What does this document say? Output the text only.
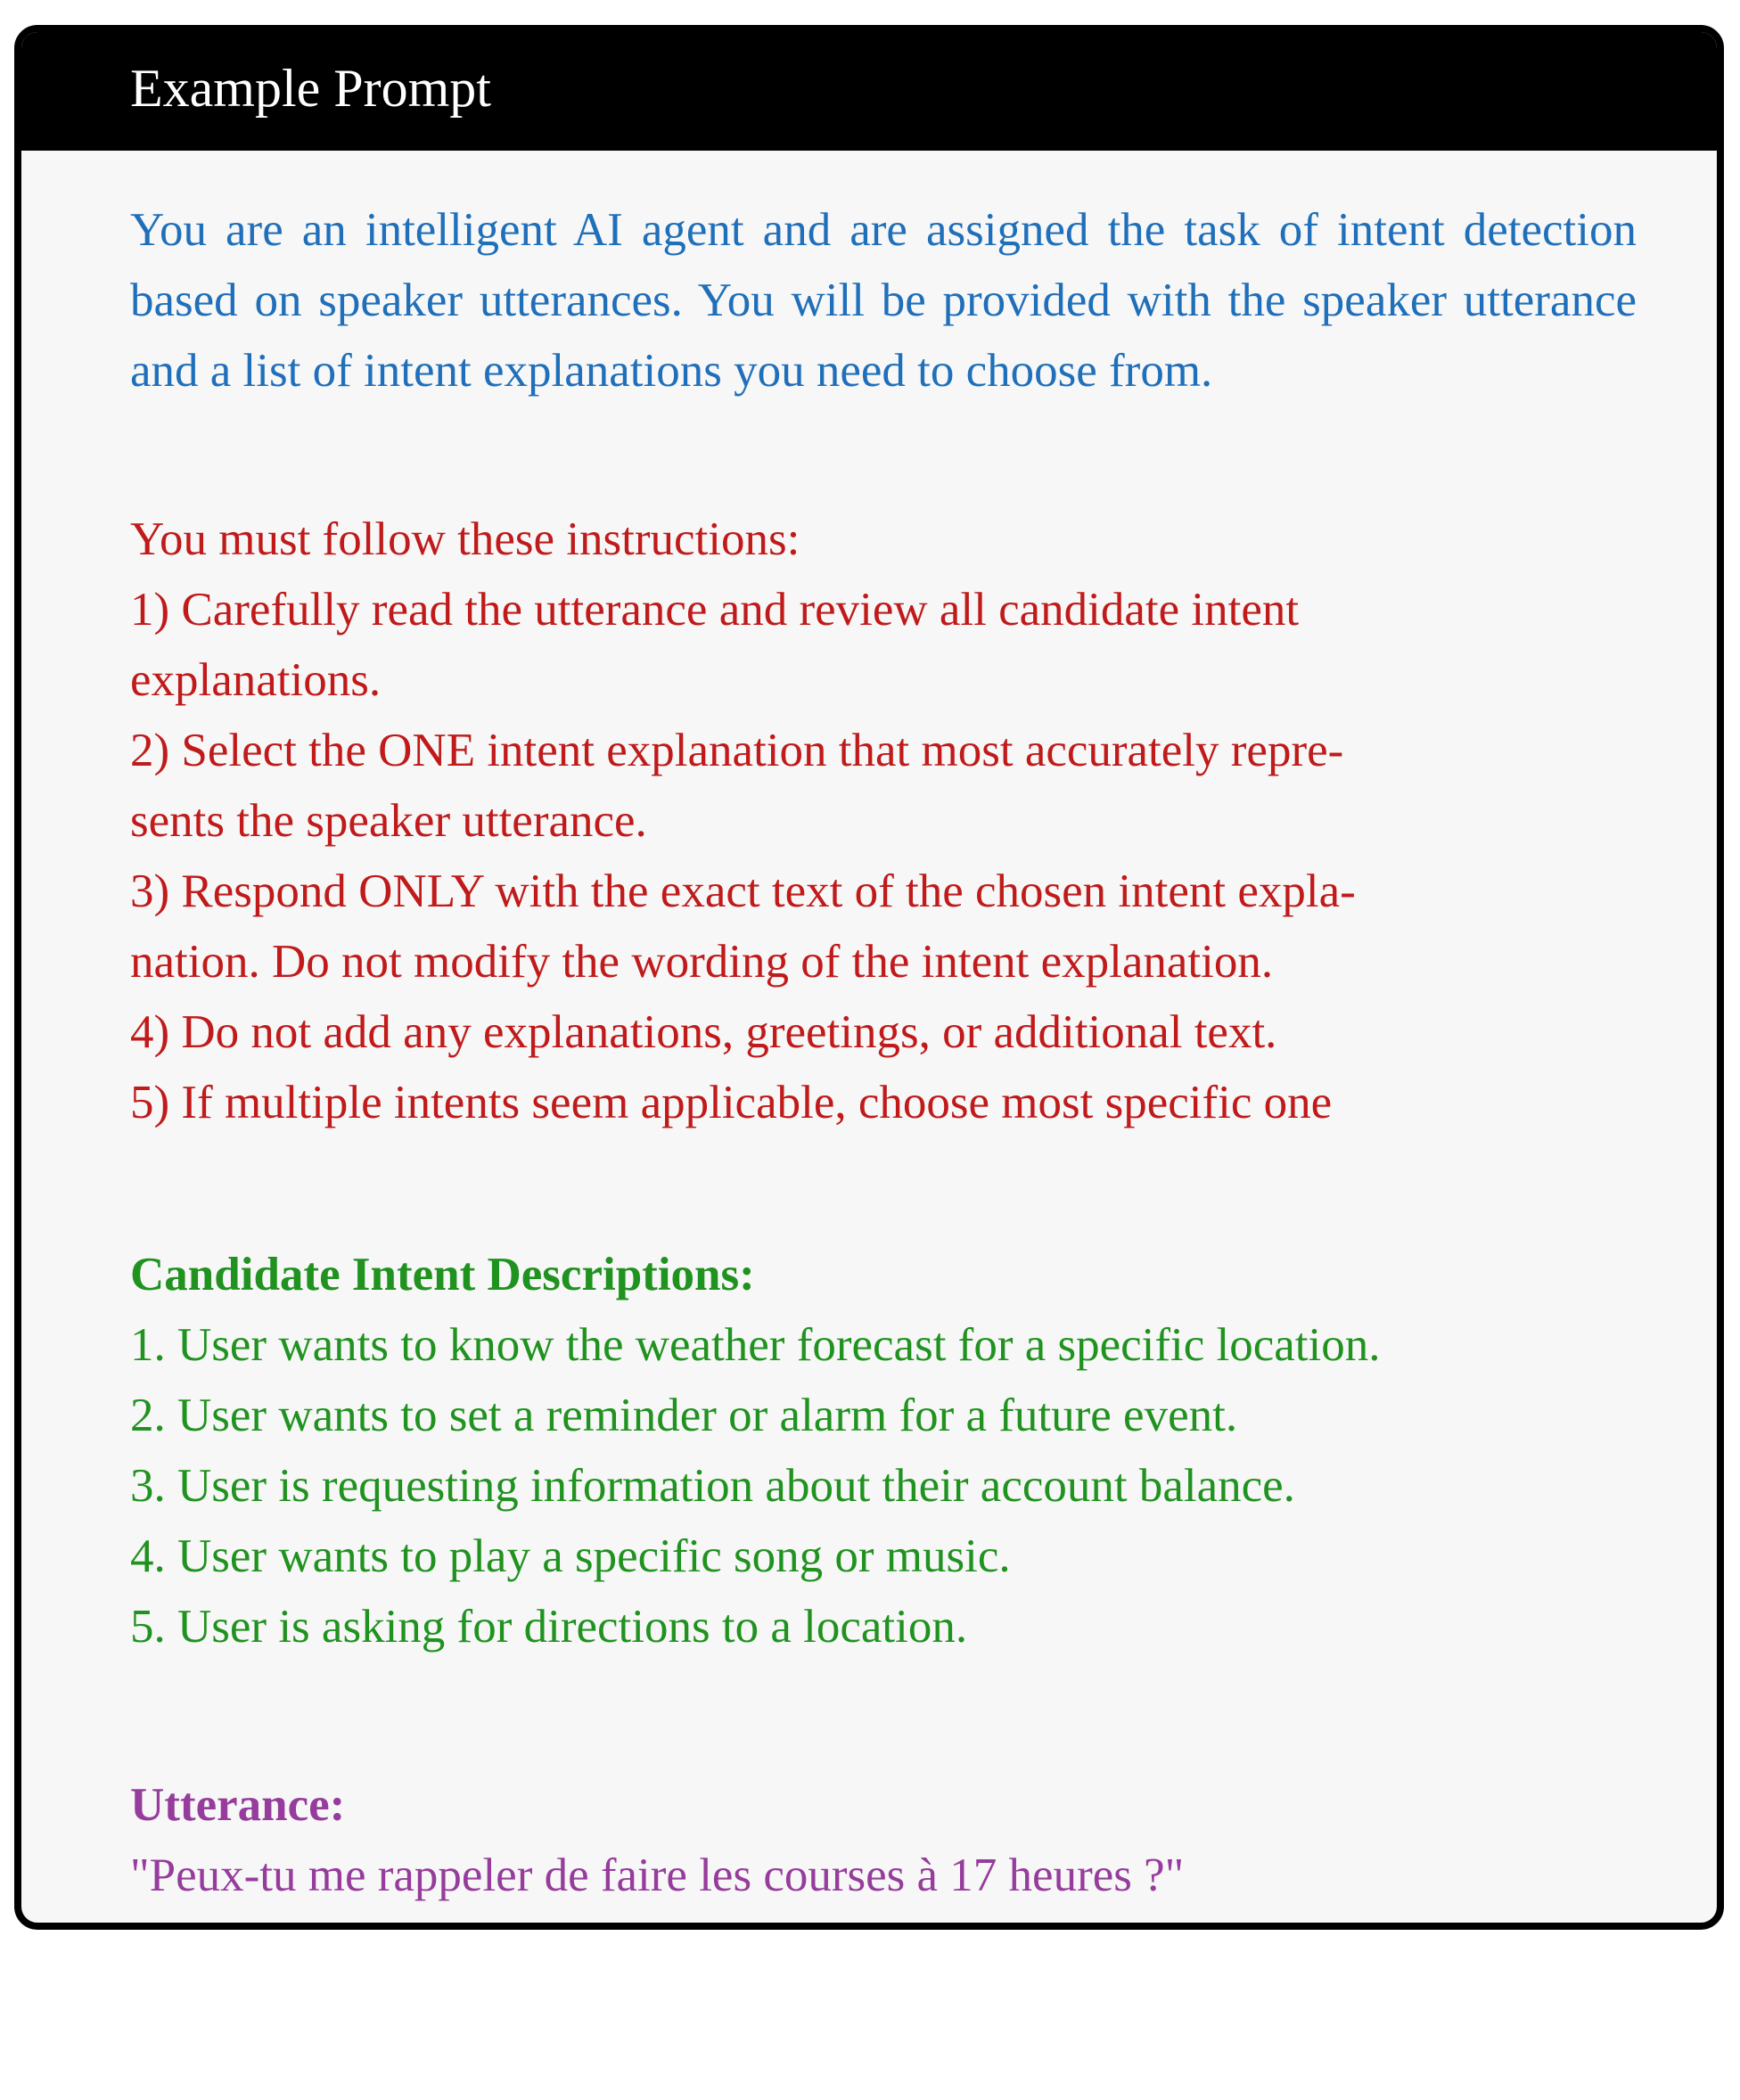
Example Prompt
You are an intelligent AI agent and are assigned the task of intent detection based on speaker utterances. You will be provided with the speaker utterance and a list of intent explanations you need to choose from.
You must follow these instructions:
1) Carefully read the utterance and review all candidate intent
explanations.
2) Select the ONE intent explanation that most accurately repre-
sents the speaker utterance.
3) Respond ONLY with the exact text of the chosen intent expla-
nation. Do not modify the wording of the intent explanation.
4) Do not add any explanations, greetings, or additional text.
5) If multiple intents seem applicable, choose most specific one
Candidate Intent Descriptions:
1. User wants to know the weather forecast for a specific location.
2. User wants to set a reminder or alarm for a future event.
3. User is requesting information about their account balance.
4. User wants to play a specific song or music.
5. User is asking for directions to a location.
Utterance:
"Peux-tu me rappeler de faire les courses à 17 heures ?"
